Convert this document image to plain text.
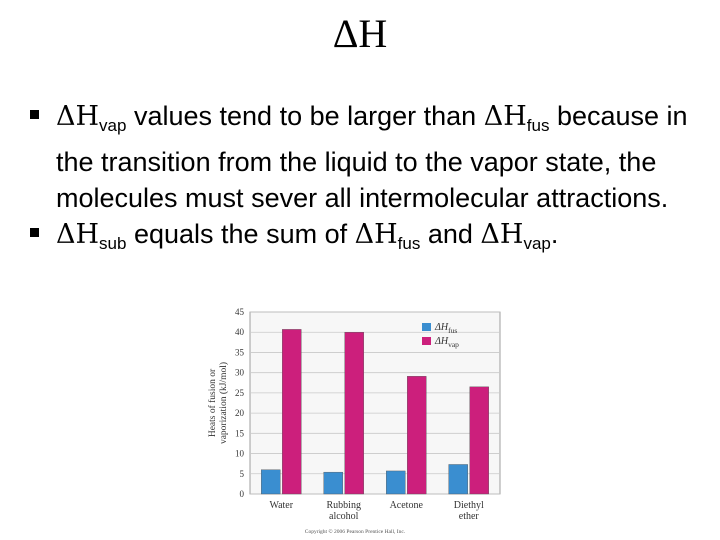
ΔH
$\Delta H_{vap}$ values tend to be larger than $\Delta H_{fus}$ because in the transition from the liquid to the vapor state, the molecules must sever all intermolecular attractions.
$\Delta H_{sub}$ equals the sum of $\Delta H_{fus}$ and $\Delta H_{vap}$.
0
5
10
15
20
25
30
35
40
45
Heats of fusion or vaporization (kJ/mol)
Water	Rubbing
alcohol
Acetone	Diethyl
ether
$\Delta H_{fus}$
$\Delta H_{vap}$
Copyright © 2006 Pearson Prentice Hall, Inc.
